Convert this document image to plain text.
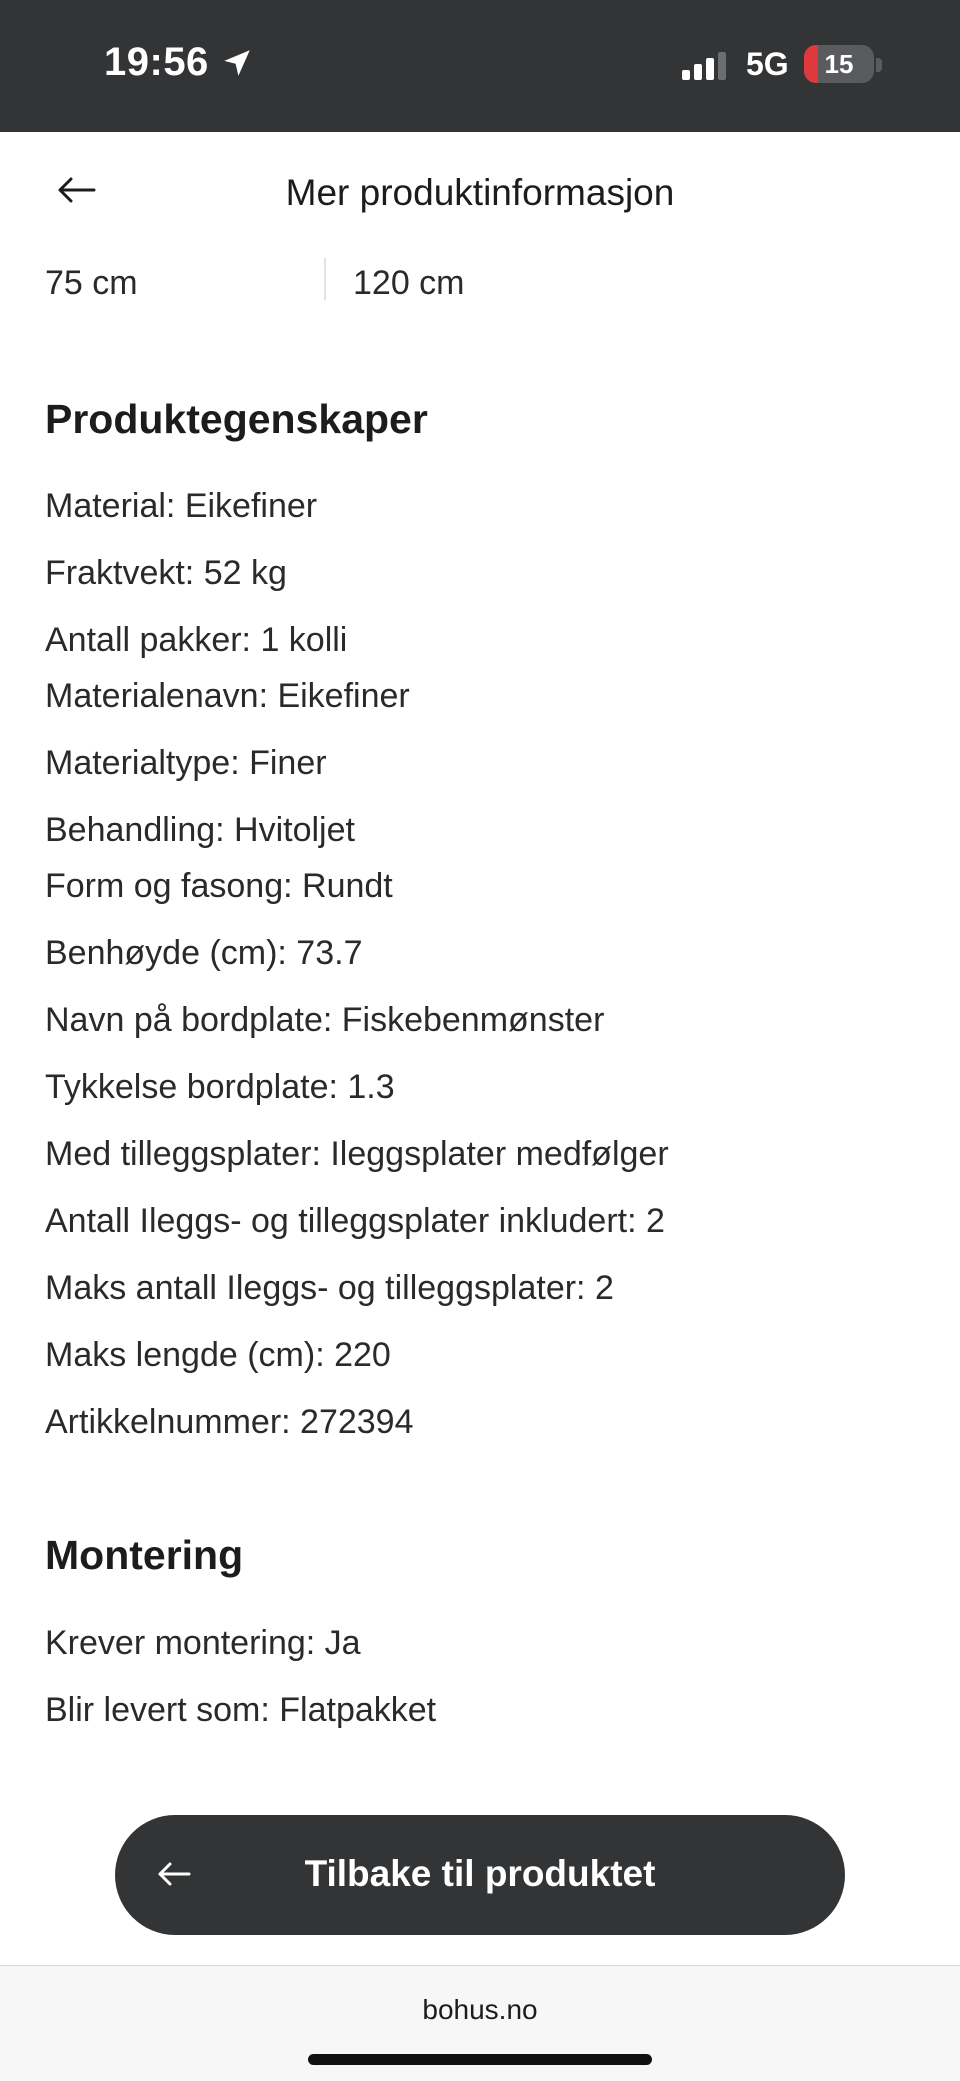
19:56	5G	15
Mer produktinformasjon
75 cm	120 cm
Produktegenskaper
Material: Eikefiner
Fraktvekt: 52 kg
Antall pakker: 1 kolli
Materialenavn: Eikefiner
Materialtype: Finer
Behandling: Hvitoljet
Form og fasong: Rundt
Benhøyde (cm): 73.7
Navn på bordplate: Fiskebenmønster
Tykkelse bordplate: 1.3
Med tilleggsplater: Ileggsplater medfølger
Antall Ileggs- og tilleggsplater inkludert: 2
Maks antall Ileggs- og tilleggsplater: 2
Maks lengde (cm): 220
Artikkelnummer: 272394
Montering
Krever montering: Ja
Blir levert som: Flatpakket
Tilbake til produktet
bohus.no
